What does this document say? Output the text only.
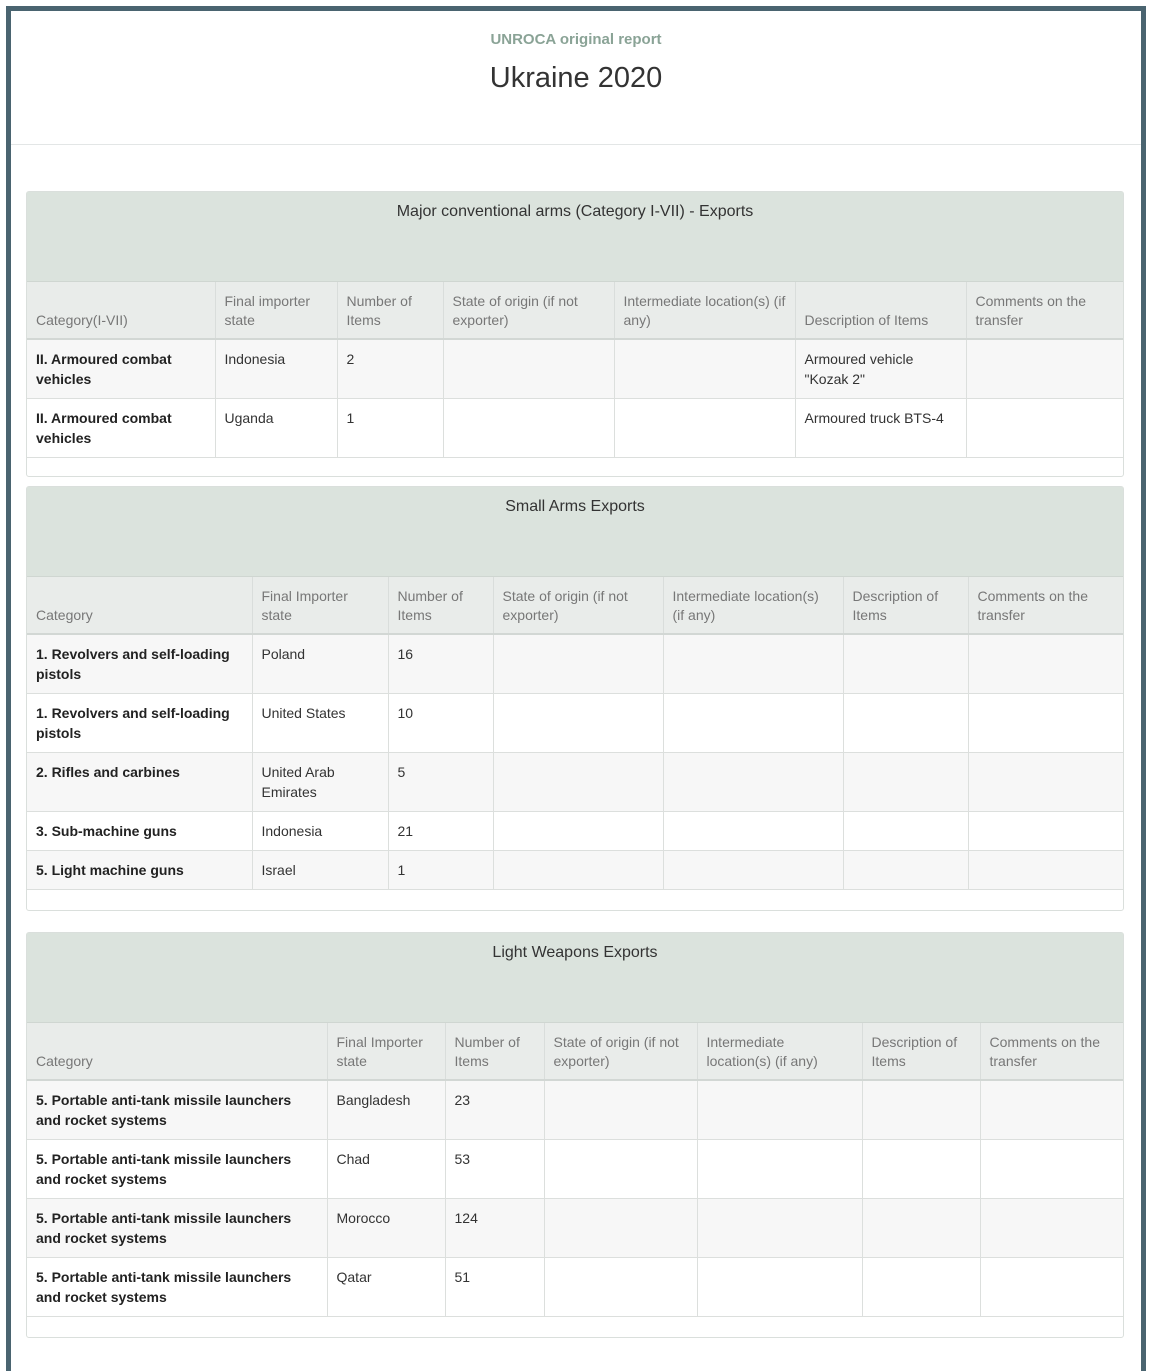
UNROCA original report
Ukraine 2020
Major conventional arms (Category I-VII) - Exports
Category(I-VII)	Final importer state	Number of Items	State of origin (if not exporter)	Intermediate location(s) (if any)	Description of Items	Comments on the transfer
II. Armoured combat vehicles	Indonesia	2			Armoured vehicle "Kozak 2"	
II. Armoured combat vehicles	Uganda	1			Armoured truck BTS-4	
Small Arms Exports
Category	Final Importer state	Number of Items	State of origin (if not exporter)	Intermediate location(s) (if any)	Description of Items	Comments on the transfer
1. Revolvers and self-loading pistols	Poland	16				
1. Revolvers and self-loading pistols	United States	10				
2. Rifles and carbines	United Arab Emirates	5				
3. Sub-machine guns	Indonesia	21				
5. Light machine guns	Israel	1				
Light Weapons Exports
Category	Final Importer state	Number of Items	State of origin (if not exporter)	Intermediate location(s) (if any)	Description of Items	Comments on the transfer
5. Portable anti-tank missile launchers and rocket systems	Bangladesh	23				
5. Portable anti-tank missile launchers and rocket systems	Chad	53				
5. Portable anti-tank missile launchers and rocket systems	Morocco	124				
5. Portable anti-tank missile launchers and rocket systems	Qatar	51				
